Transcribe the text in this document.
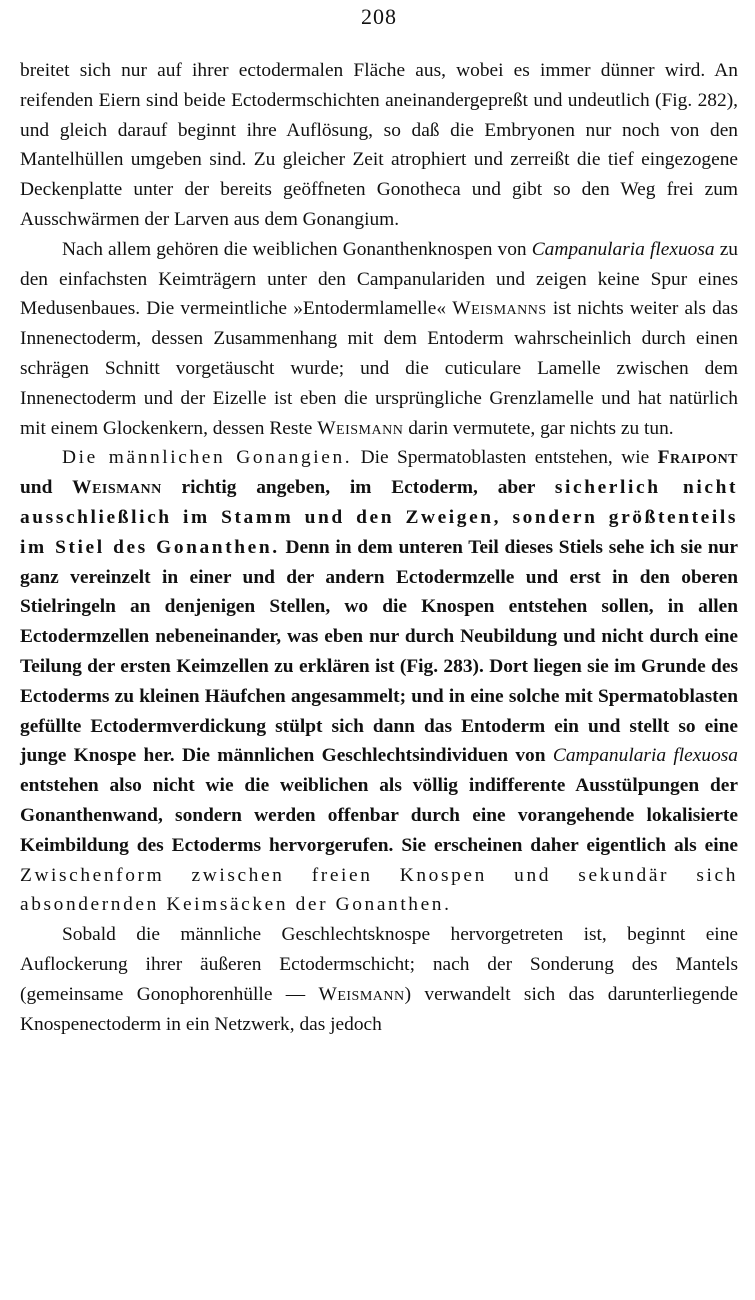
208

breitet sich nur auf ihrer ectodermalen Fläche aus, wobei es immer dünner wird. An reifenden Eiern sind beide Ectodermschichten aneinandergepreßt und undeutlich (Fig. 282), und gleich darauf beginnt ihre Auflösung, so daß die Embryonen nur noch von den Mantelhüllen umgeben sind. Zu gleicher Zeit atrophiert und zerreißt die tief eingezogene Deckenplatte unter der bereits geöffneten Gonotheca und gibt so den Weg frei zum Ausschwärmen der Larven aus dem Gonangium.

Nach allem gehören die weiblichen Gonanthenknospen von Campanularia flexuosa zu den einfachsten Keimträgern unter den Campanulariden und zeigen keine Spur eines Medusenbaues. Die vermeintliche »Entodermlamelle« Weismanns ist nichts weiter als das Innenectoderm, dessen Zusammenhang mit dem Entoderm wahrscheinlich durch einen schrägen Schnitt vorgetäuscht wurde; und die cuticulare Lamelle zwischen dem Innenectoderm und der Eizelle ist eben die ursprüngliche Grenzlamelle und hat natürlich mit einem Glockenkern, dessen Reste Weismann darin vermutete, gar nichts zu tun.

Die männlichen Gonangien. Die Spermatoblasten entstehen, wie Fraipont und Weismann richtig angeben, im Ectoderm, aber sicherlich nicht ausschließlich im Stamm und den Zweigen, sondern größtenteils im Stiel des Gonanthen. Denn in dem unteren Teil dieses Stiels sehe ich sie nur ganz vereinzelt in einer und der andern Ectodermzelle und erst in den oberen Stielringeln an denjenigen Stellen, wo die Knospen entstehen sollen, in allen Ectodermzellen nebeneinander, was eben nur durch Neubildung und nicht durch eine Teilung der ersten Keimzellen zu erklären ist (Fig. 283). Dort liegen sie im Grunde des Ectoderms zu kleinen Häufchen angesammelt; und in eine solche mit Spermatoblasten gefüllte Ectodermverdickung stülpt sich dann das Entoderm ein und stellt so eine junge Knospe her. Die männlichen Geschlechtsindividuen von Campanularia flexuosa entstehen also nicht wie die weiblichen als völlig indifferente Ausstülpungen der Gonanthenwand, sondern werden offenbar durch eine vorangehende lokalisierte Keimbildung des Ectoderms hervorgerufen. Sie erscheinen daher eigentlich als eine Zwischenform zwischen freien Knospen und sekundär sich absondernden Keimsäcken der Gonanthen.

Sobald die männliche Geschlechtsknospe hervorgetreten ist, beginnt eine Auflockerung ihrer äußeren Ectodermschicht; nach der Sonderung des Mantels (gemeinsame Gonophorenhülle — Weismann) verwandelt sich das darunterliegende Knospenectoderm in ein Netzwerk, das jedoch
